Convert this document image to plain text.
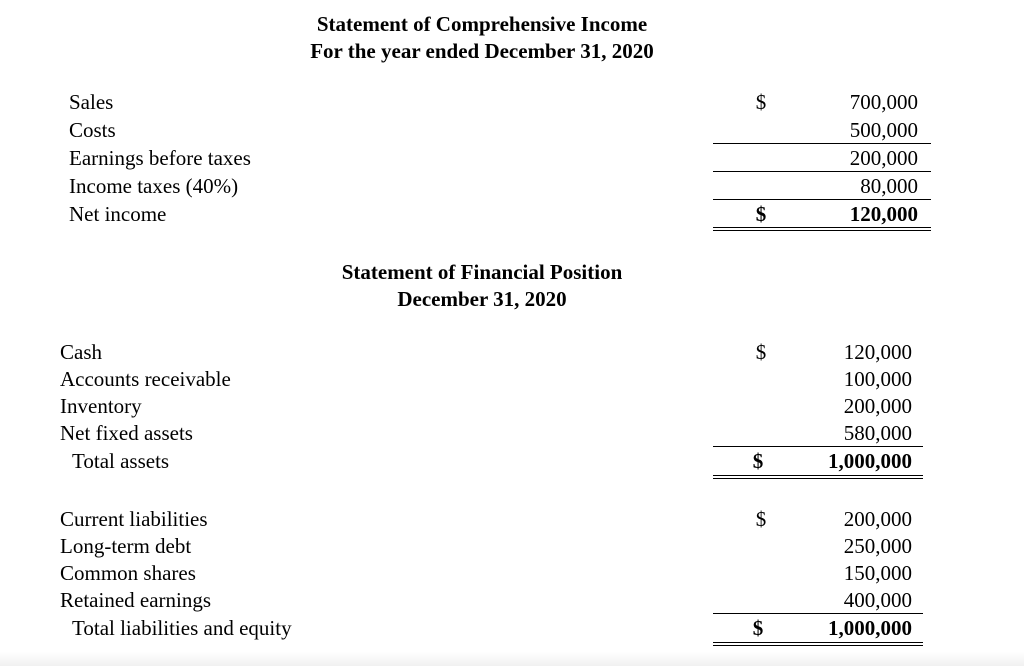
Statement of Comprehensive Income
For the year ended December 31, 2020
Sales
Costs
Earnings before taxes
Income taxes (40%)
Net income
$
$
700,000
500,000
200,000
80,000
120,000
Statement of Financial Position
December 31, 2020
Cash
Accounts receivable
Inventory
Net fixed assets
Total assets
$
$
120,000
100,000
200,000
580,000
1,000,000
Current liabilities
Long-term debt
Common shares
Retained earnings
Total liabilities and equity
$
$
200,000
250,000
150,000
400,000
1,000,000
